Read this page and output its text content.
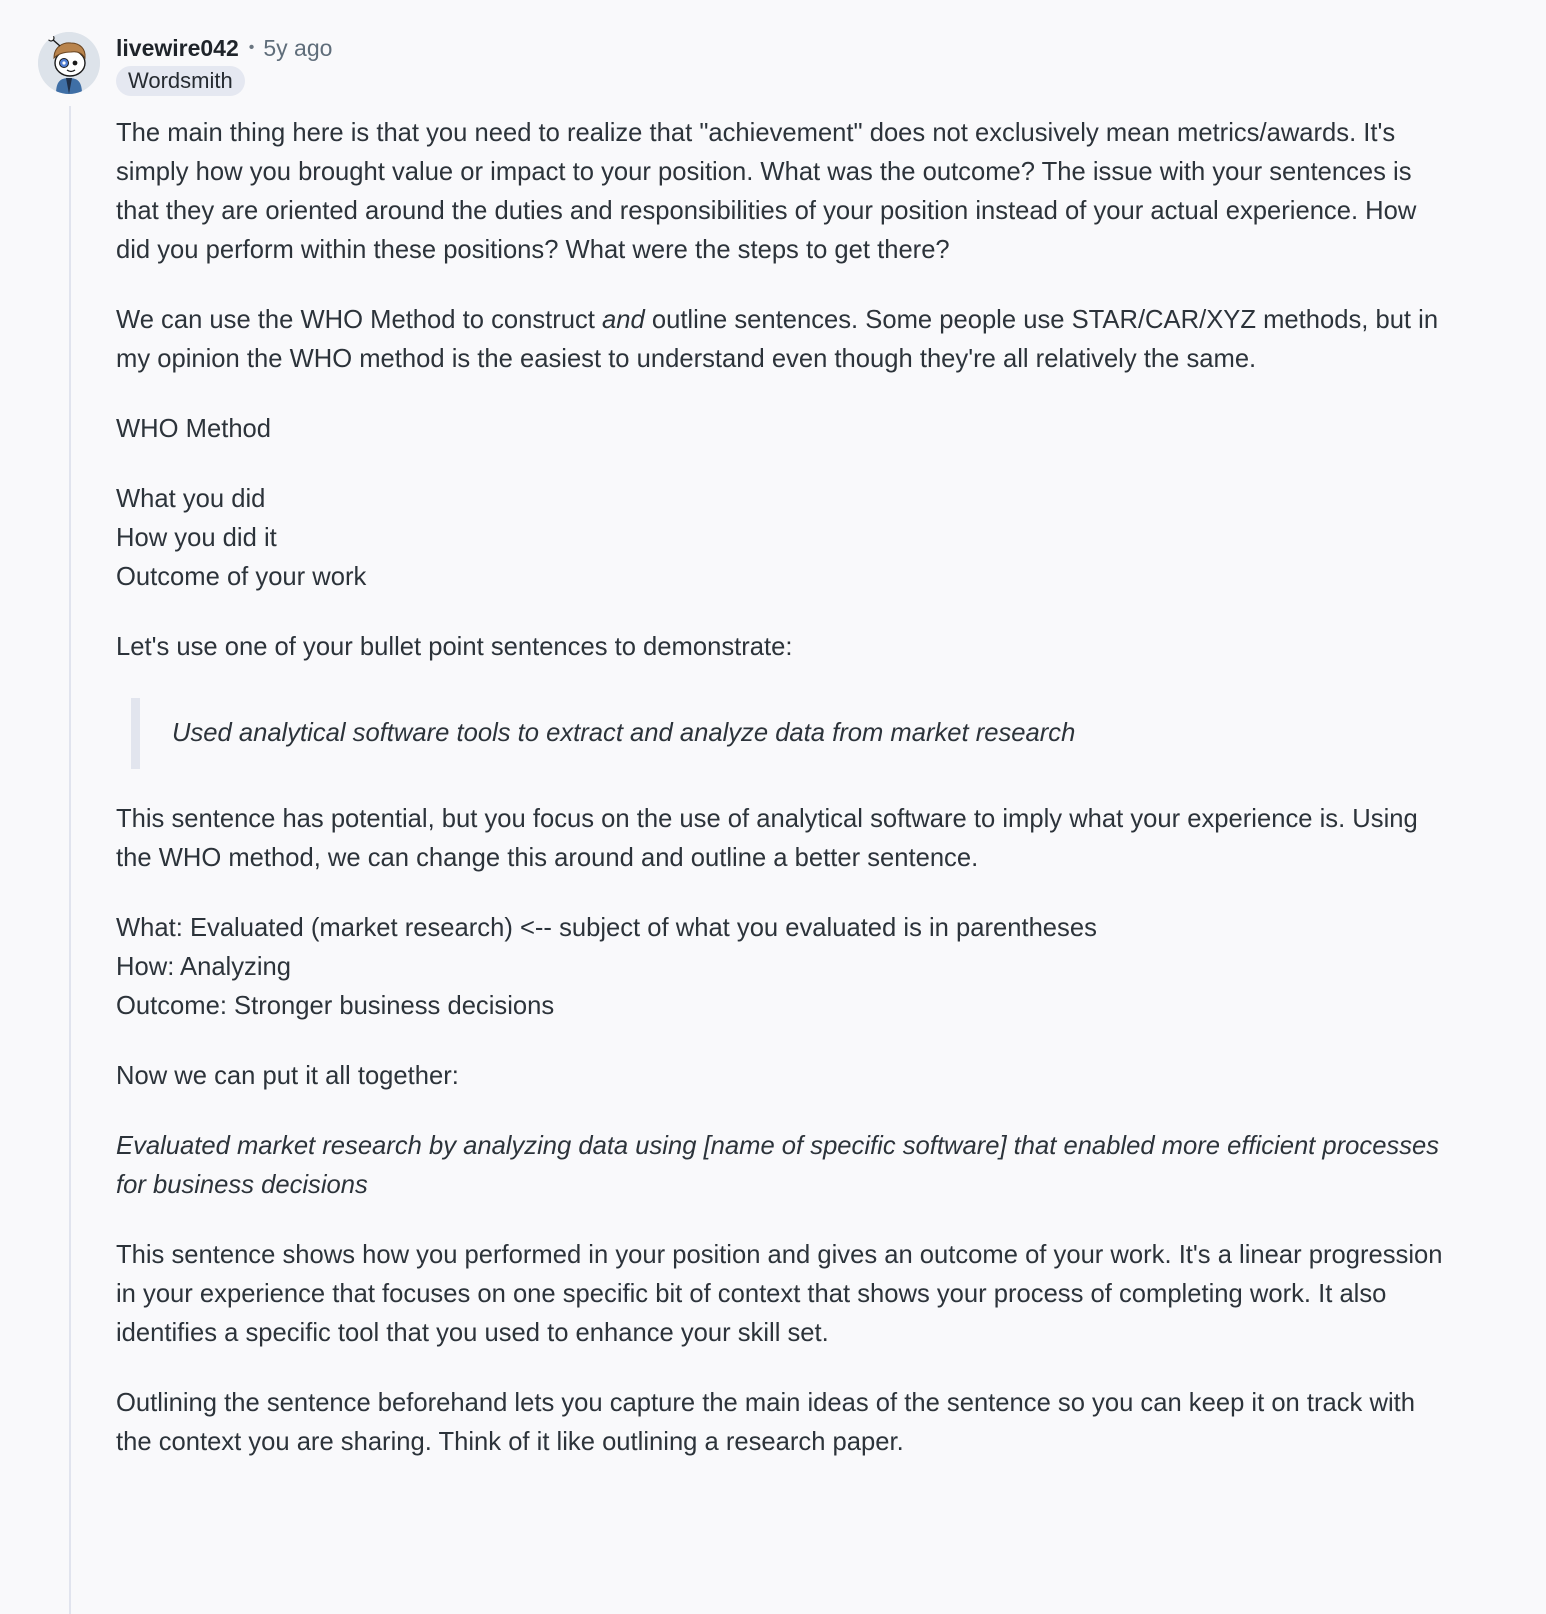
livewire042 • 5y ago
Wordsmith

The main thing here is that you need to realize that "achievement" does not exclusively mean metrics/awards. It's simply how you brought value or impact to your position. What was the outcome? The issue with your sentences is that they are oriented around the duties and responsibilities of your position instead of your actual experience. How did you perform within these positions? What were the steps to get there?

We can use the WHO Method to construct and outline sentences. Some people use STAR/CAR/XYZ methods, but in my opinion the WHO method is the easiest to understand even though they're all relatively the same.

WHO Method

What you did
How you did it
Outcome of your work

Let's use one of your bullet point sentences to demonstrate:

Used analytical software tools to extract and analyze data from market research

This sentence has potential, but you focus on the use of analytical software to imply what your experience is. Using the WHO method, we can change this around and outline a better sentence.

What: Evaluated (market research) <-- subject of what you evaluated is in parentheses
How: Analyzing
Outcome: Stronger business decisions

Now we can put it all together:

Evaluated market research by analyzing data using [name of specific software] that enabled more efficient processes for business decisions

This sentence shows how you performed in your position and gives an outcome of your work. It's a linear progression in your experience that focuses on one specific bit of context that shows your process of completing work. It also identifies a specific tool that you used to enhance your skill set.

Outlining the sentence beforehand lets you capture the main ideas of the sentence so you can keep it on track with the context you are sharing. Think of it like outlining a research paper.
